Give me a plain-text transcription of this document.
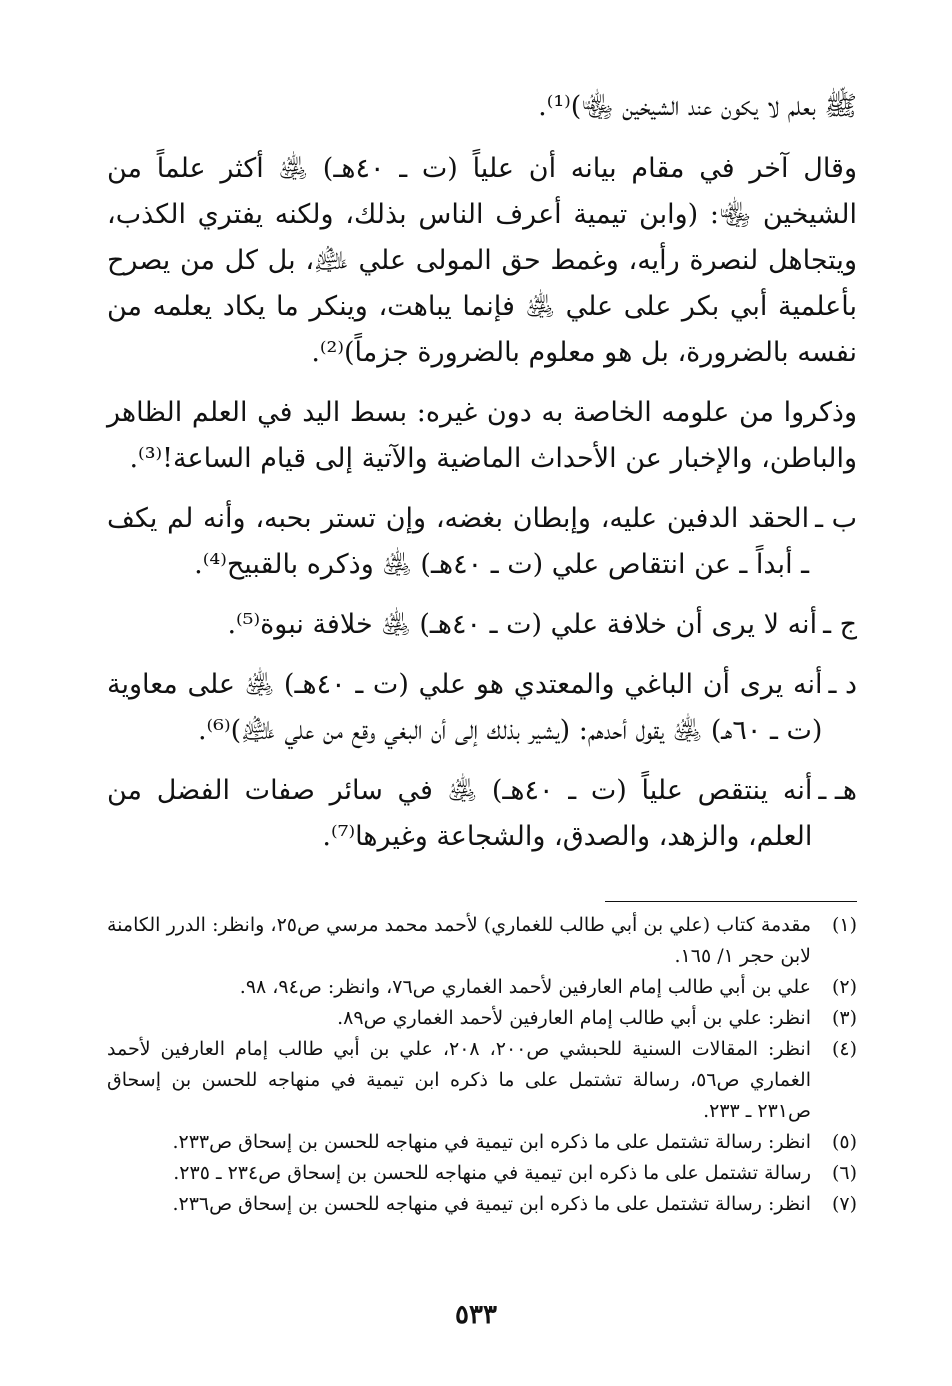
ﷺ بعلم لا يكون عند الشيخين ﵄)⁽¹⁾.

وقال آخر في مقام بيانه أن علياً (ت ـ ٤٠هـ) ﵁ أكثر علماً من الشيخين ﵄: (وابن تيمية أعرف الناس بذلك، ولكنه يفتري الكذب، ويتجاهل لنصرة رأيه، وغمط حق المولى علي ﵇، بل كل من يصرح بأعلمية أبي بكر على علي ﵁ فإنما يباهت، وينكر ما يكاد يعلمه من نفسه بالضرورة، بل هو معلوم بالضرورة جزماً)⁽²⁾.

وذكروا من علومه الخاصة به دون غيره: بسط اليد في العلم الظاهر والباطن، والإخبار عن الأحداث الماضية والآتية إلى قيام الساعة!⁽³⁾.

ب ـ
الحقد الدفين عليه، وإبطان بغضه، وإن تستر بحبه، وأنه لم يكف ـ أبداً ـ عن انتقاص علي (ت ـ ٤٠هـ) ﵁ وذكره بالقبيح⁽⁴⁾.
ج ـ
أنه لا يرى أن خلافة علي (ت ـ ٤٠هـ) ﵁ خلافة نبوة⁽⁵⁾.
د ـ
أنه يرى أن الباغي والمعتدي هو علي (ت ـ ٤٠هـ) ﵁ على معاوية (ت ـ ٦٠هـ) ﵁ يقول أحدهم: (يشير بذلك إلى أن البغي وقع من علي ﵇)⁽⁶⁾.
هـ ـ
أنه ينتقص علياً (ت ـ ٤٠هـ) ﵁ في سائر صفات الفضل من العلم، والزهد، والصدق، والشجاعة وغيرها⁽⁷⁾.
(١)
مقدمة كتاب (علي بن أبي طالب للغماري) لأحمد محمد مرسي ص٢٥، وانظر: الدرر الكامنة لابن حجر ١/ ١٦٥.
(٢)
علي بن أبي طالب إمام العارفين لأحمد الغماري ص٧٦، وانظر: ص٩٤، ٩٨.
(٣)
انظر: علي بن أبي طالب إمام العارفين لأحمد الغماري ص٨٩.
(٤)
انظر: المقالات السنية للحبشي ص٢٠٠، ٢٠٨، علي بن أبي طالب إمام العارفين لأحمد الغماري ص٥٦، رسالة تشتمل على ما ذكره ابن تيمية في منهاجه للحسن بن إسحاق ص٢٣١ ـ ٢٣٣.
(٥)
انظر: رسالة تشتمل على ما ذكره ابن تيمية في منهاجه للحسن بن إسحاق ص٢٣٣.
(٦)
رسالة تشتمل على ما ذكره ابن تيمية في منهاجه للحسن بن إسحاق ص٢٣٤ ـ ٢٣٥.
(٧)
انظر: رسالة تشتمل على ما ذكره ابن تيمية في منهاجه للحسن بن إسحاق ص٢٣٦.
٥٣٣
